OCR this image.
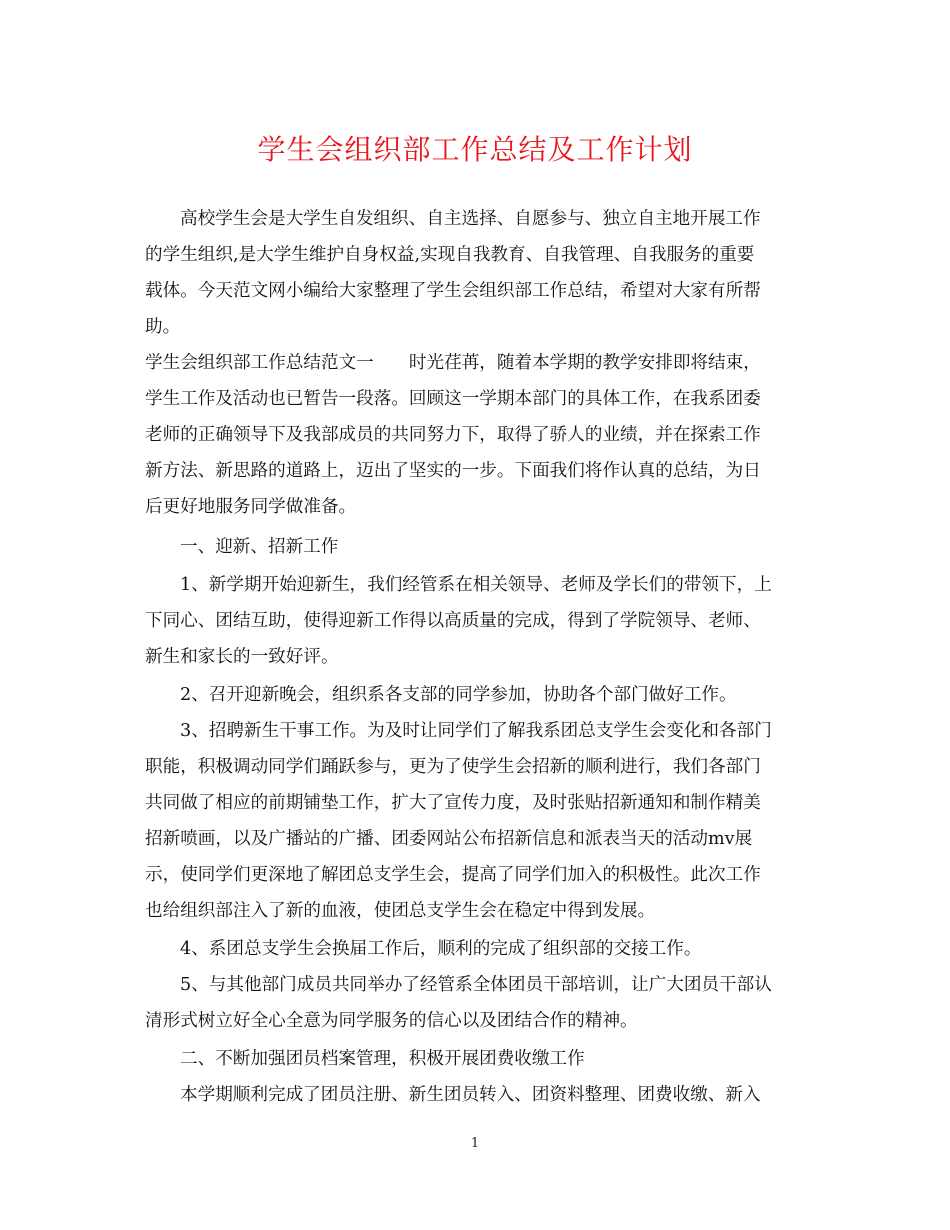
学生会组织部工作总结及工作计划
高校学生会是大学生自发组织、自主选择、自愿参与、独立自主地开展工作
的学生组织,是大学生维护自身权益,实现自我教育、自我管理、自我服务的重要
载体。今天范文网小编给大家整理了学生会组织部工作总结，希望对大家有所帮
助。
学生会组织部工作总结范文一　　时光荏苒，随着本学期的教学安排即将结束，
学生工作及活动也已暂告一段落。回顾这一学期本部门的具体工作，在我系团委
老师的正确领导下及我部成员的共同努力下，取得了骄人的业绩，并在探索工作
新方法、新思路的道路上，迈出了坚实的一步。下面我们将作认真的总结，为日
后更好地服务同学做准备。
一、迎新、招新工作
1、新学期开始迎新生，我们经管系在相关领导、老师及学长们的带领下，上
下同心、团结互助，使得迎新工作得以高质量的完成，得到了学院领导、老师、
新生和家长的一致好评。
2、召开迎新晚会，组织系各支部的同学参加，协助各个部门做好工作。
3、招聘新生干事工作。为及时让同学们了解我系团总支学生会变化和各部门
职能，积极调动同学们踊跃参与，更为了使学生会招新的顺利进行，我们各部门
共同做了相应的前期铺垫工作，扩大了宣传力度，及时张贴招新通知和制作精美
招新喷画，以及广播站的广播、团委网站公布招新信息和派表当天的活动mv展
示，使同学们更深地了解团总支学生会，提高了同学们加入的积极性。此次工作
也给组织部注入了新的血液，使团总支学生会在稳定中得到发展。
4、系团总支学生会换届工作后，顺利的完成了组织部的交接工作。
5、与其他部门成员共同举办了经管系全体团员干部培训，让广大团员干部认
清形式树立好全心全意为同学服务的信心以及团结合作的精神。
二、不断加强团员档案管理，积极开展团费收缴工作
本学期顺利完成了团员注册、新生团员转入、团资料整理、团费收缴、新入
1
